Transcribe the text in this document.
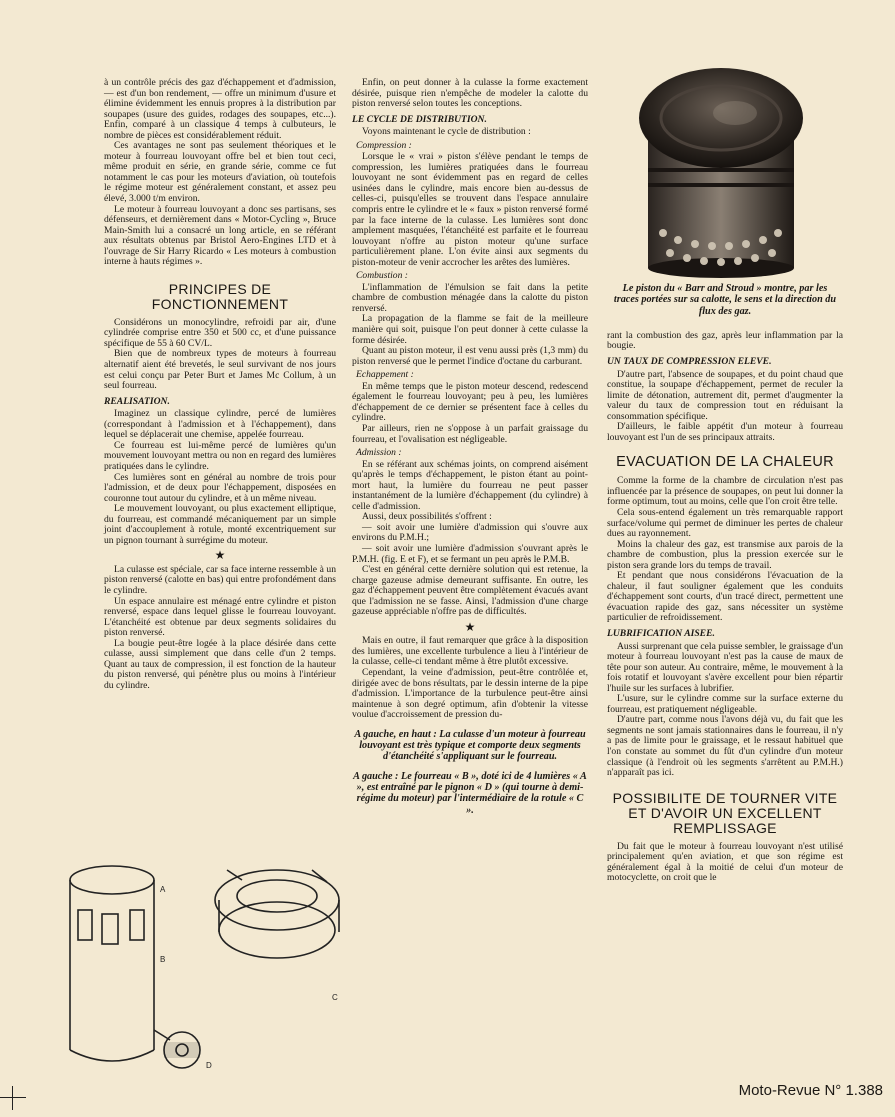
à un contrôle précis des gaz d'échappement et d'admission, — est d'un bon rendement, — offre un minimum d'usure et élimine évidemment les ennuis propres à la distribution par soupapes (usure des guides, rodages des soupapes, etc...). Enfin, comparé à un classique 4 temps à culbuteurs, le nombre de pièces est considérablement réduit.

Ces avantages ne sont pas seulement théoriques et le moteur à fourreau louvoyant offre bel et bien tout ceci, même produit en série, en grande série, comme ce fut notamment le cas pour les moteurs d'aviation, où toutefois le régime moteur est généralement constant, et assez peu élevé, 3.000 t/m environ.

Le moteur à fourreau louvoyant a donc ses partisans, ses défenseurs, et dernièrement dans « Motor-Cycling », Bruce Main-Smith lui a consacré un long article, en se référant aux résultats obtenus par Bristol Aero-Engines LTD et à l'ouvrage de Sir Harry Ricardo « Les moteurs à combustion interne à hauts régimes ».

PRINCIPES DE FONCTIONNEMENT

Considérons un monocylindre, refroidi par air, d'une cylindrée comprise entre 350 et 500 cc, et d'une puissance spécifique de 55 à 60 CV/L.

Bien que de nombreux types de moteurs à fourreau alternatif aient été brevetés, le seul survivant de nos jours est celui conçu par Peter Burt et James Mc Collum, à un seul fourreau.

REALISATION.

Imaginez un classique cylindre, percé de lumières (correspondant à l'admission et à l'échappement), dans lequel se déplacerait une chemise, appelée fourreau.

Ce fourreau est lui-même percé de lumières qu'un mouvement louvoyant mettra ou non en regard des lumières pratiquées dans le cylindre.

Ces lumières sont en général au nombre de trois pour l'admission, et de deux pour l'échappement, disposées en couronne tout autour du cylindre, et à un même niveau.

Le mouvement louvoyant, ou plus exactement elliptique, du fourreau, est commandé mécaniquement par un simple joint d'accouplement à rotule, monté excentriquement sur un pignon tournant à surrégime du moteur.

★

La culasse est spéciale, car sa face interne ressemble à un piston renversé (calotte en bas) qui entre profondément dans le cylindre.

Un espace annulaire est ménagé entre cylindre et piston renversé, espace dans lequel glisse le fourreau louvoyant. L'étanchéité est obtenue par deux segments solidaires du piston renversé.

La bougie peut-être logée à la place désirée dans cette culasse, aussi simplement que dans celle d'un 2 temps. Quant au taux de compression, il est fonction de la hauteur du piston renversé, qui pénètre plus ou moins à l'intérieur du cylindre.

Enfin, on peut donner à la culasse la forme exactement désirée, puisque rien n'empêche de modeler la calotte du piston renversé selon toutes les conceptions.

LE CYCLE DE DISTRIBUTION.

Voyons maintenant le cycle de distribution :

Compression :

Lorsque le « vrai » piston s'élève pendant le temps de compression, les lumières pratiquées dans le fourreau louvoyant ne sont évidemment pas en regard de celles usinées dans le cylindre, mais encore bien au-dessus de celles-ci, puisqu'elles se trouvent dans l'espace annulaire compris entre le cylindre et le « faux » piston renversé formé par la face interne de la culasse. Les lumières sont donc amplement masquées, l'étanchéité est parfaite et le fourreau louvoyant n'offre au piston moteur qu'une surface particulièrement plane. L'on évite ainsi aux segments du piston-moteur de venir accrocher les arêtes des lumières.

Combustion :

L'inflammation de l'émulsion se fait dans la petite chambre de combustion ménagée dans la calotte du piston renversé.

La propagation de la flamme se fait de la meilleure manière qui soit, puisque l'on peut donner à cette culasse la forme désirée.

Quant au piston moteur, il est venu aussi près (1,3 mm) du piston renversé que le permet l'indice d'octane du carburant.

Echappement :

En même temps que le piston moteur descend, redescend également le fourreau louvoyant; peu à peu, les lumières d'échappement de ce dernier se présentent face à celles du cylindre.

Par ailleurs, rien ne s'oppose à un parfait graissage du fourreau, et l'ovalisation est négligeable.

Admission :

En se référant aux schémas joints, on comprend aisément qu'après le temps d'échappement, le piston étant au point-mort haut, la lumière du fourreau ne peut passer instantanément de la lumière d'échappement (du cylindre) à celle d'admission.

Aussi, deux possibilités s'offrent :

— soit avoir une lumière d'admission qui s'ouvre aux environs du P.M.H.;

— soit avoir une lumière d'admission s'ouvrant après le P.M.H. (fig. E et F), et se fermant un peu après le P.M.B.

C'est en général cette dernière solution qui est retenue, la charge gazeuse admise demeurant suffisante. En outre, les gaz d'échappement peuvent être complètement évacués avant que l'admission ne se fasse. Ainsi, l'admission d'une charge gazeuse appréciable n'offre pas de difficultés.

★

Mais en outre, il faut remarquer que grâce à la disposition des lumières, une excellente turbulence a lieu à l'intérieur de la culasse, celle-ci tendant même à être plutôt excessive.

Cependant, la veine d'admission, peut-être contrôlée et, dirigée avec de bons résultats, par le dessin interne de la pipe d'admission. L'importance de la turbulence peut-être ainsi maintenue à son degré optimum, afin d'obtenir la vitesse voulue d'accroissement de pression du-

A gauche, en haut : La culasse d'un moteur à fourreau louvoyant est très typique et comporte deux segments d'étanchéité s'appliquant sur le fourreau.
A gauche : Le fourreau « B », doté ici de 4 lumières « A », est entraîné par le pignon « D » (qui tourne à demi-régime du moteur) par l'intermédiaire de la rotule « C ».
Le piston du « Barr and Stroud » montre, par les traces portées sur sa calotte, le sens et la direction du flux des gaz.

rant la combustion des gaz, après leur inflammation par la bougie.

UN TAUX DE COMPRESSION ELEVE.

D'autre part, l'absence de soupapes, et du point chaud que constitue, la soupape d'échappement, permet de reculer la limite de détonation, autrement dit, permet d'augmenter la valeur du taux de compression tout en réduisant la consommation spécifique.

D'ailleurs, le faible appétit d'un moteur à fourreau louvoyant est l'un de ses principaux attraits.

EVACUATION DE LA CHALEUR

Comme la forme de la chambre de circulation n'est pas influencée par la présence de soupapes, on peut lui donner la forme optimum, tout au moins, celle que l'on croit être telle.

Cela sous-entend également un très remarquable rapport surface/volume qui permet de diminuer les pertes de chaleur dues au rayonnement.

Moins la chaleur des gaz, est transmise aux parois de la chambre de combustion, plus la pression exercée sur le piston sera grande lors du temps de travail.

Et pendant que nous considérons l'évacuation de la chaleur, il faut souligner également que les conduits d'échappement sont courts, d'un tracé direct, permettent une évacuation rapide des gaz, sans nécessiter un système particulier de refroidissement.

LUBRIFICATION AISEE.

Aussi surprenant que cela puisse sembler, le graissage d'un moteur à fourreau louvoyant n'est pas la cause de maux de tête pour son auteur. Au contraire, même, le mouvement à la fois rotatif et louvoyant s'avère excellent pour bien répartir l'huile sur les surfaces à lubrifier.

L'usure, sur le cylindre comme sur la surface externe du fourreau, est pratiquement négligeable.

D'autre part, comme nous l'avons déjà vu, du fait que les segments ne sont jamais stationnaires dans le fourreau, il n'y a pas de limite pour le graissage, et le ressaut habituel que l'on constate au sommet du fût d'un cylindre d'un moteur classique (à l'endroit où les segments s'arrêtent au P.M.H.) n'apparaît pas ici.

POSSIBILITE DE TOURNER VITE ET D'AVOIR UN EXCELLENT REMPLISSAGE

Du fait que le moteur à fourreau louvoyant n'est utilisé principalement qu'en aviation, et que son régime est généralement égal à la moitié de celui d'un moteur de motocyclette, on croit que le

A
B
C
D
Moto-Revue N° 1.388
